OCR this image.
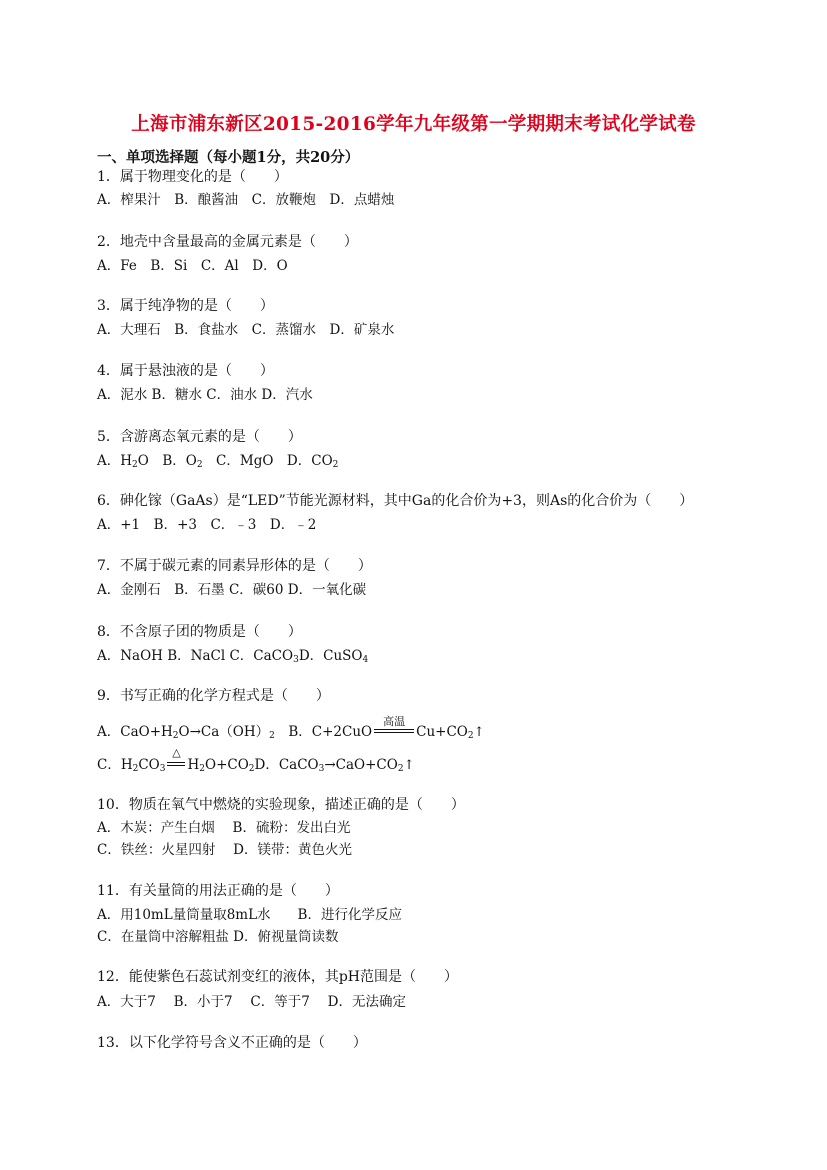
上海市浦东新区2015-2016学年九年级第一学期期末考试化学试卷
一、单项选择题（每小题1分，共20分）
1．属于物理变化的是（　　）
A．榨果汁　B．酿酱油　C．放鞭炮　D．点蜡烛
2．地壳中含量最高的金属元素是（　　）
A．Fe　B．Si　C．Al　D．O
3．属于纯净物的是（　　）
A．大理石　B．食盐水　C．蒸馏水　D．矿泉水
4．属于悬浊液的是（　　）
A．泥水 B．糖水 C．油水 D．汽水
5．含游离态氧元素的是（　　）
A．$H_2O$　B．$O_2$　C．MgO　D．$CO_2$
6．砷化镓（GaAs）是“LED”节能光源材料，其中Ga的化合价为+3，则As的化合价为（　　）
A．+1　B．+3　C．﹣3　D．﹣2
7．不属于碳元素的同素异形体的是（　　）
A．金刚石　B．石墨 C．碳60 D．一氧化碳
8．不含原子团的物质是（　　）
A．NaOH B．NaCl C．CaCO$_3$D．CuSO$_4$
9．书写正确的化学方程式是（　　）
A．$CaO+H_2O\to Ca(OH)_2$　B．C+2CuO
高温
$Cu+CO_2↑$
C．$H_2CO_3$
△
$H_2O+CO_2D$．$CaCO_3\to CaO+CO_2↑$
10．物质在氧气中燃烧的实验现象，描述正确的是（　　）
A．木炭：产生白烟　 B．硫粉：发出白光
C．铁丝：火星四射　 D．镁带：黄色火光
11．有关量筒的用法正确的是（　　）
A．用10mL量筒量取8mL水　　B．进行化学反应
C．在量筒中溶解粗盐 D．俯视量筒读数
12．能使紫色石蕊试剂变红的液体，其pH范围是（　　）
A．大于7　 B．小于7　 C．等于7　 D．无法确定
13．以下化学符号含义不正确的是（　　）
